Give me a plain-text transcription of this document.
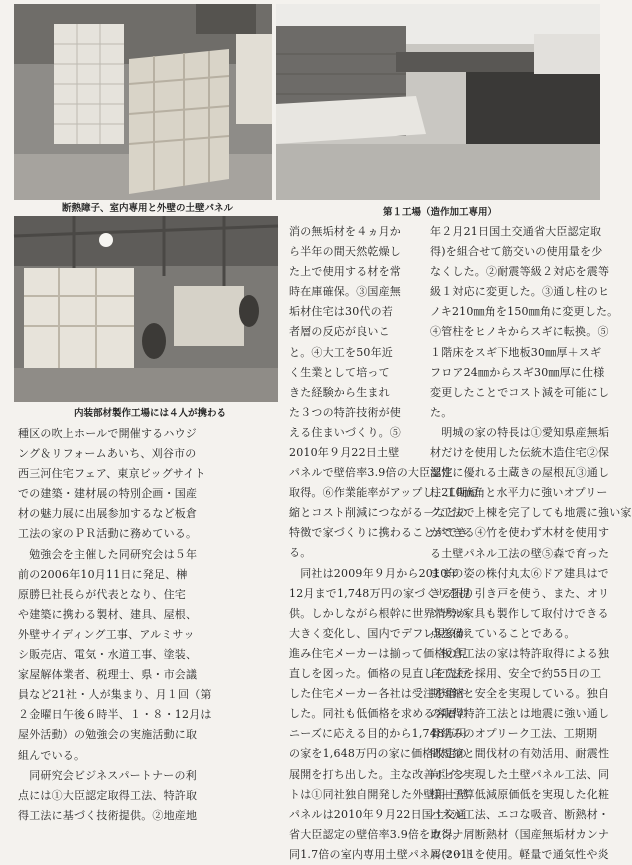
断熱障子、室内専用と外壁の土壁パネル	第１工場（造作加工専用）
内装部材製作工場には４人が携わる
種区の吹上ホールで開催するハウジ
ング＆リフォームあいち、刈谷市の
西三河住宅フェア、東京ビッグサイト
での建築・建材展の特別企画・国産
材の魅力展に出展参加するなど板倉
工法の家のＰＲ活動に務めている。
　勉強会を主催した同研究会は５年
前の2006年10月11日に発足、榊
原勝巳社長らが代表となり、住宅
や建築に携わる製材、建具、屋根、
外壁サイディング工事、アルミサッ
シ販売店、電気・水道工事、塗装、
家屋解体業者、税理士、県・市会議
員など21社・人が集まり、月１回（第
２金曜日午後６時半、１・８・12月は
屋外活動）の勉強会の実施活動に取
組んでいる。
　同研究会ビジネスパートナーの利
点には①大臣認定取得工法、特許取
得工法に基づく技術提供。②地産地
消の無垢材を４ヵ月か
ら半年の間天然乾燥し
た上で使用する材を常
時在庫確保。③国産無
垢材住宅は30代の若
者層の反応が良いこ
と。④大工を50年近
く生業として培って
きた経験から生まれ
た３つの特許技術が使
える住まいづくり。⑤
2010年９月22日土壁
パネルで壁倍率3.9倍の大臣認定
取得。⑥作業能率がアップし、工期短
縮とコスト削減につながる－などの
特徴で家づくりに携わることができ
る。
　同社は2009年９月から2010年
12月まで1,748万円の家づくりを提
供。しかしながら根幹に世界情勢が
大きく変化し、国内でデフレ現象が
進み住宅メーカーは揃って価格の見
直しを図った。価格の見直しを先行
した住宅メーカー各社は受注を増や
した。同社も低価格を求める客層の
ニーズに応える目的から1,748万円
の家を1,648万円の家に価格改定の
展開を打ち出した。主な改善ポイン
トは①同社独自開発した外壁用土壁
パネルは2010年９月22日国土交通
省大臣認定の壁倍率3.9倍を取得。
同1.7倍の室内専用土壁パネル(2011
年２月21日国土交通省大臣認定取
得)を組合せて筋交いの使用量を少
なくした。②耐震等級２対応を震等
級１対応に変更した。③通し柱のヒ
ノキ210㎜角を150㎜角に変更した。
④管柱をヒノキからスギに転換。⑤
１階床をスギ下地板30㎜厚＋スギ
フロア24㎜からスギ30㎜厚に仕様
変更したことでコスト減を可能にし
た。
　明城の家の特長は①愛知県産無垢
材だけを使用した伝統木造住宅②保
湿性に優れる土蔵きの屋根瓦③通し
柱210㎜角と水平力に強いオプリー
ク工法で上棟を完了しても地震に強い家
ができる④竹を使わず木材を使用す
る土壁パネル工法の壁⑤森で育った
ままの姿の株付丸太⑥ドア建具はで
きる限り引き戸を使う、また、オリ
ジナル家具も製作して取付けできる
点を備えていることである。
　板倉工法の家は特許取得による独
自工法を採用、安全で約55日の工
期短縮と安全を実現している。独自
の取得特許工法とは地震に強い通し
骨組みのオプリーク工法、工期期
間短縮と間伐材の有効活用、耐震性
向上を実現した土壁パネル工法、同
様＋予算低減原価低を実現した化粧
パネル工法、エコな吸音、断熱材・
カンナ屑断熱材（国産無垢材カンナ
屑マットを使用。軽量で通気性や炎
